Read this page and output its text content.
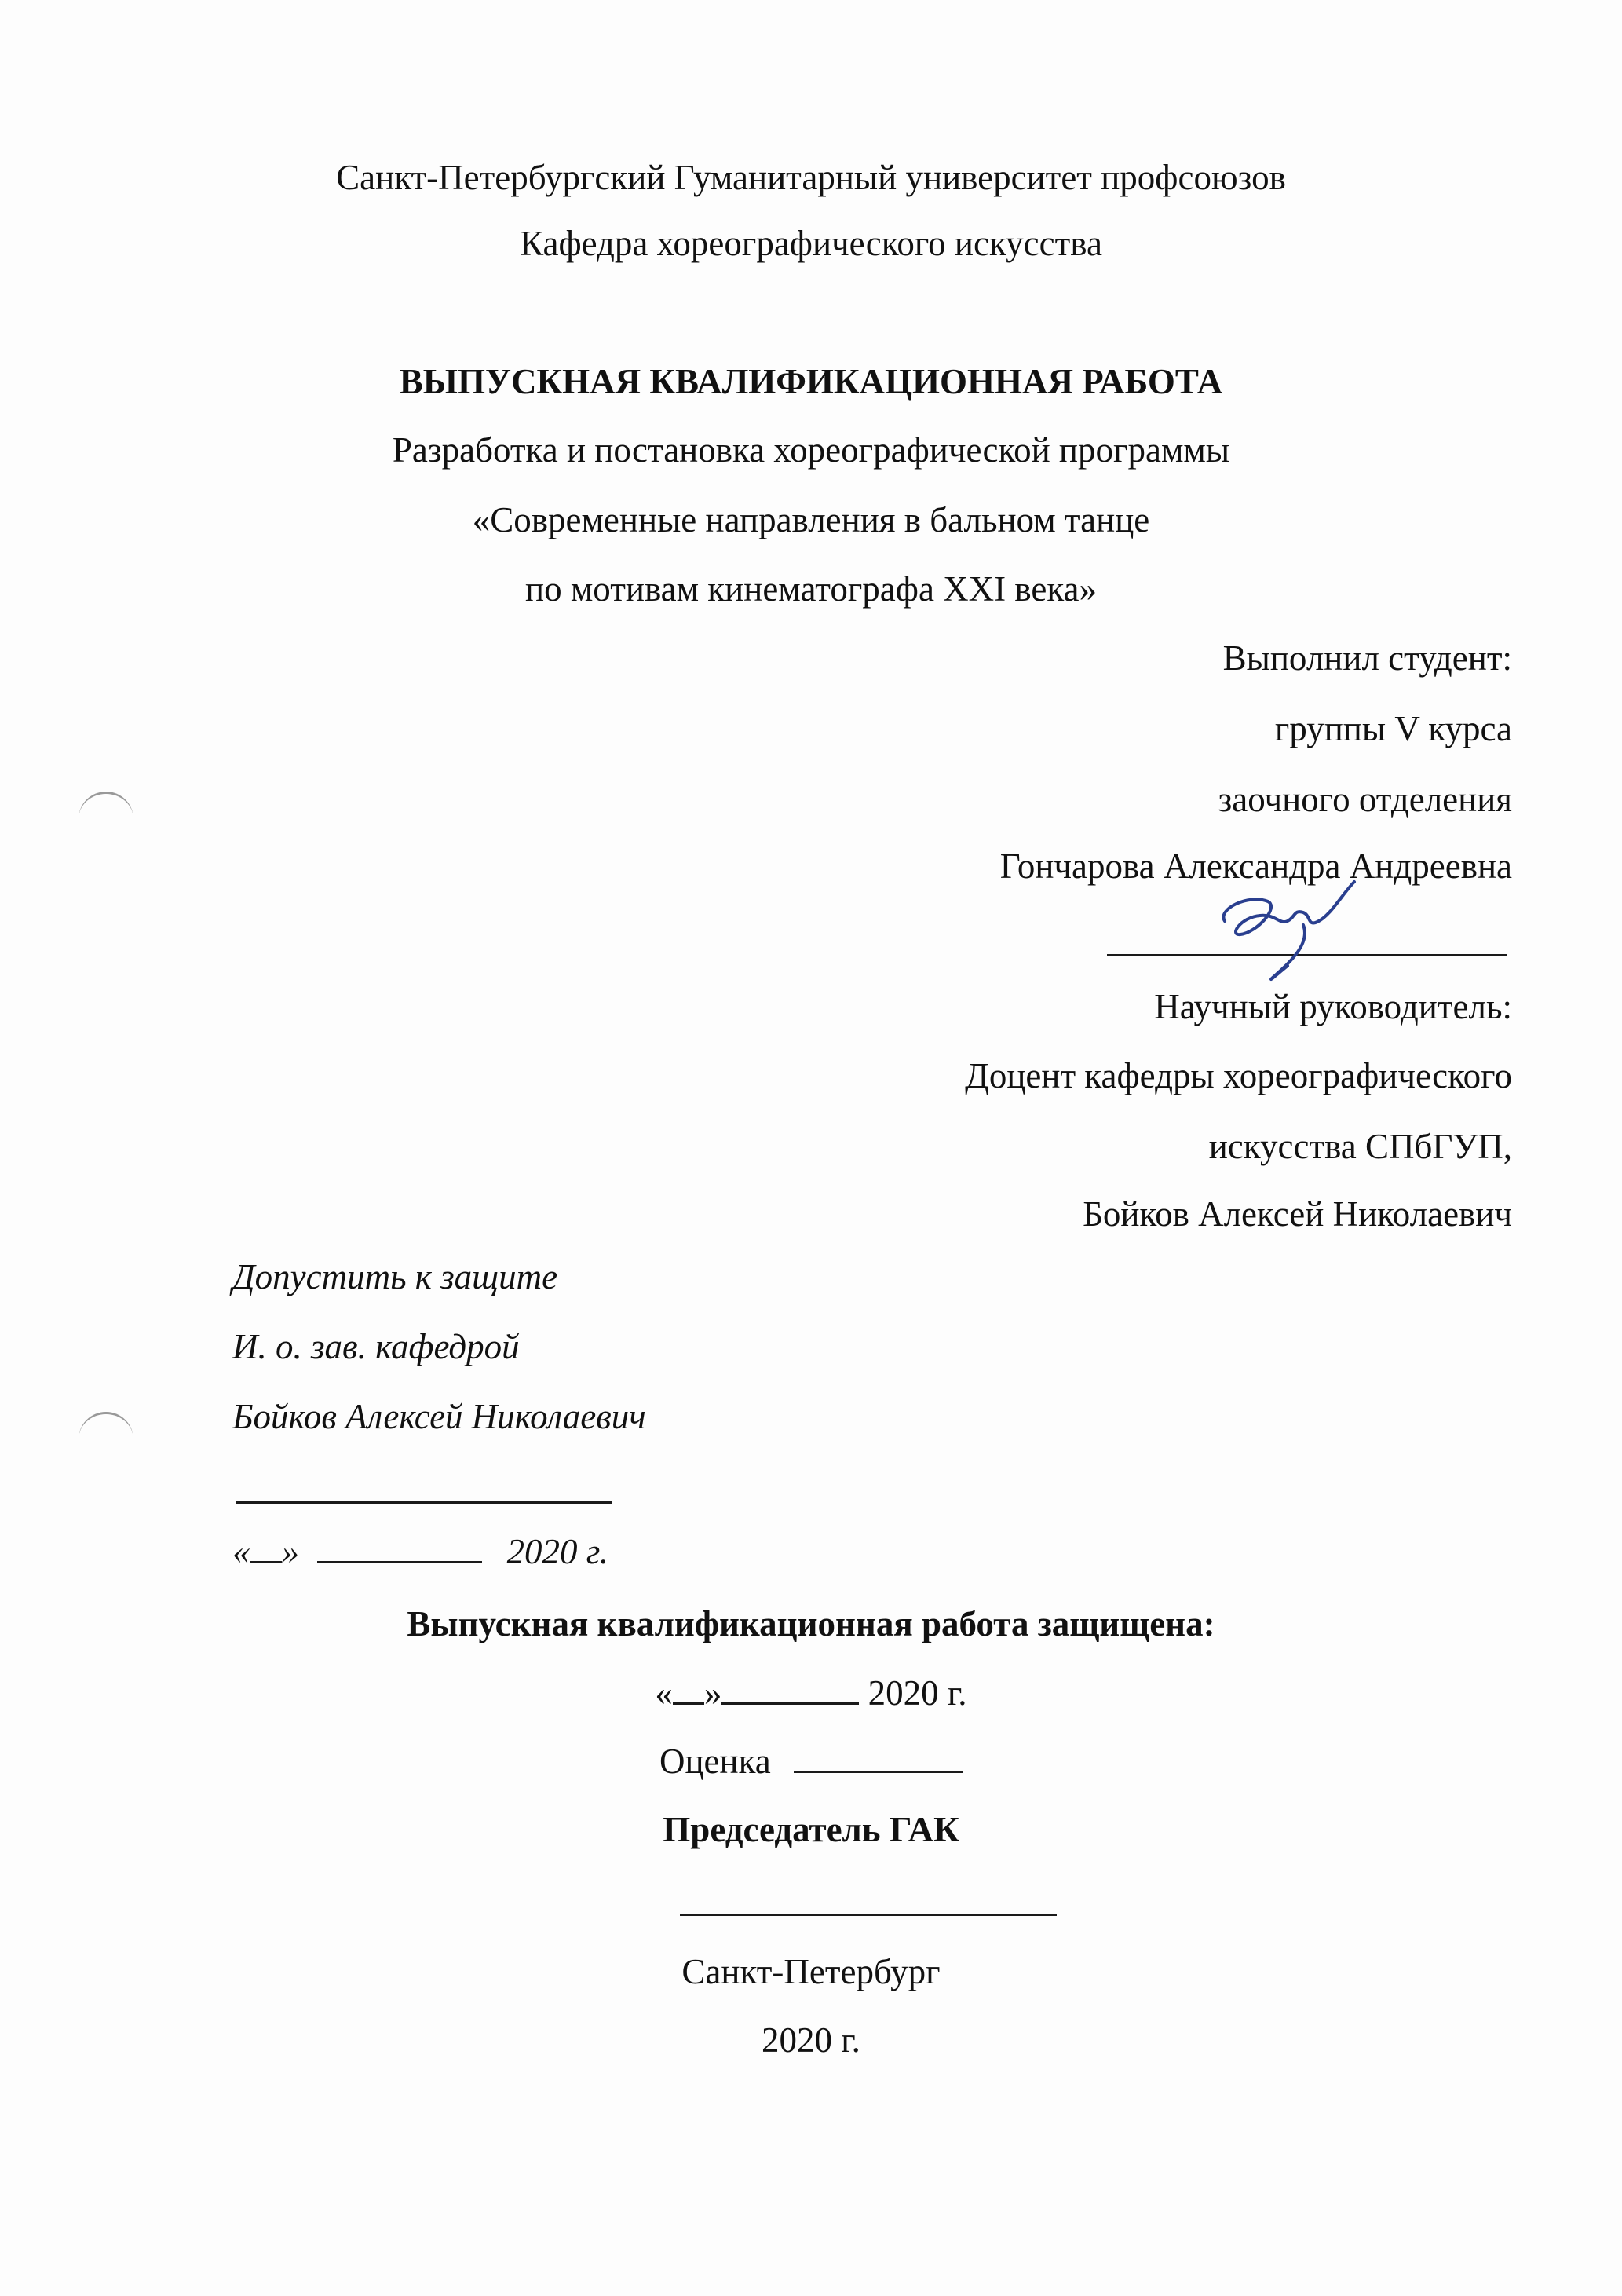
Санкт-Петербургский Гуманитарный университет профсоюзов
Кафедра хореографического искусства
ВЫПУСКНАЯ КВАЛИФИКАЦИОННАЯ РАБОТА
Разработка и постановка хореографической программы
«Современные направления в бальном танце
по мотивам кинематографа XXI века»
Выполнил студент:
группы V курса
заочного отделения
Гончарова Александра Андреевна
Научный руководитель:
Доцент кафедры хореографического
искусства СПбГУП,
Бойков Алексей Николаевич
Допустить к защите
И. о. зав. кафедрой
Бойков Алексей Николаевич
« »	2020 г.
Выпускная квалификационная работа защищена:
« »	2020 г.
Оценка
Председатель ГАК
Санкт-Петербург
2020 г.
